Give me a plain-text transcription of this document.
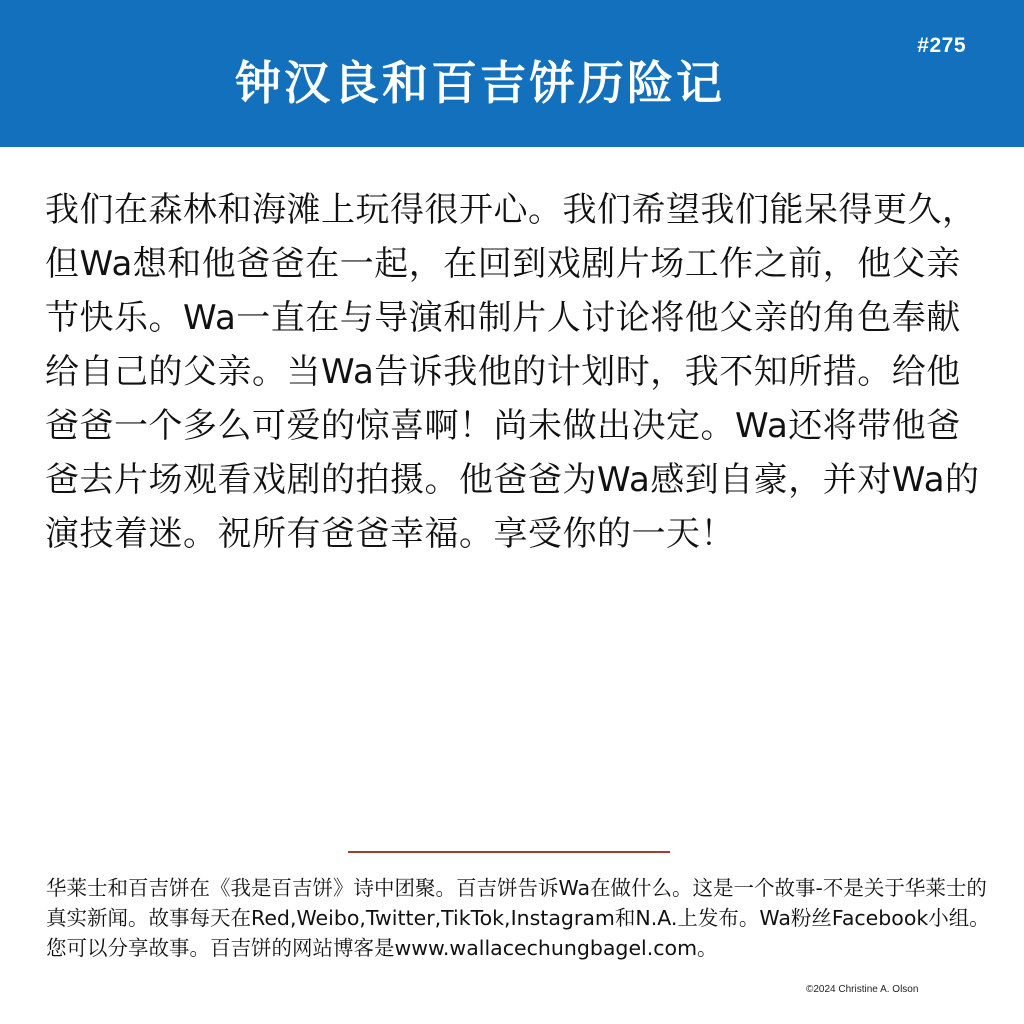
#275
钟汉良和百吉饼历险记

我们在森林和海滩上玩得很开心。我们希望我们能呆得更久，但Wa想和他爸爸在一起，在回到戏剧片场工作之前，他父亲节快乐。Wa一直在与导演和制片人讨论将他父亲的角色奉献给自己的父亲。当Wa告诉我他的计划时，我不知所措。给他爸爸一个多么可爱的惊喜啊！尚未做出决定。Wa还将带他爸爸去片场观看戏剧的拍摄。他爸爸为Wa感到自豪，并对Wa的演技着迷。祝所有爸爸幸福。享受你的一天！

华莱士和百吉饼在《我是百吉饼》诗中团聚。百吉饼告诉Wa在做什么。这是一个故事-不是关于华莱士的真实新闻。故事每天在Red,Weibo,Twitter,TikTok,Instagram和N.A.上发布。Wa粉丝Facebook小组。您可以分享故事。百吉饼的网站博客是www.wallacechungbagel.com。

©2024 Christine A. Olson
